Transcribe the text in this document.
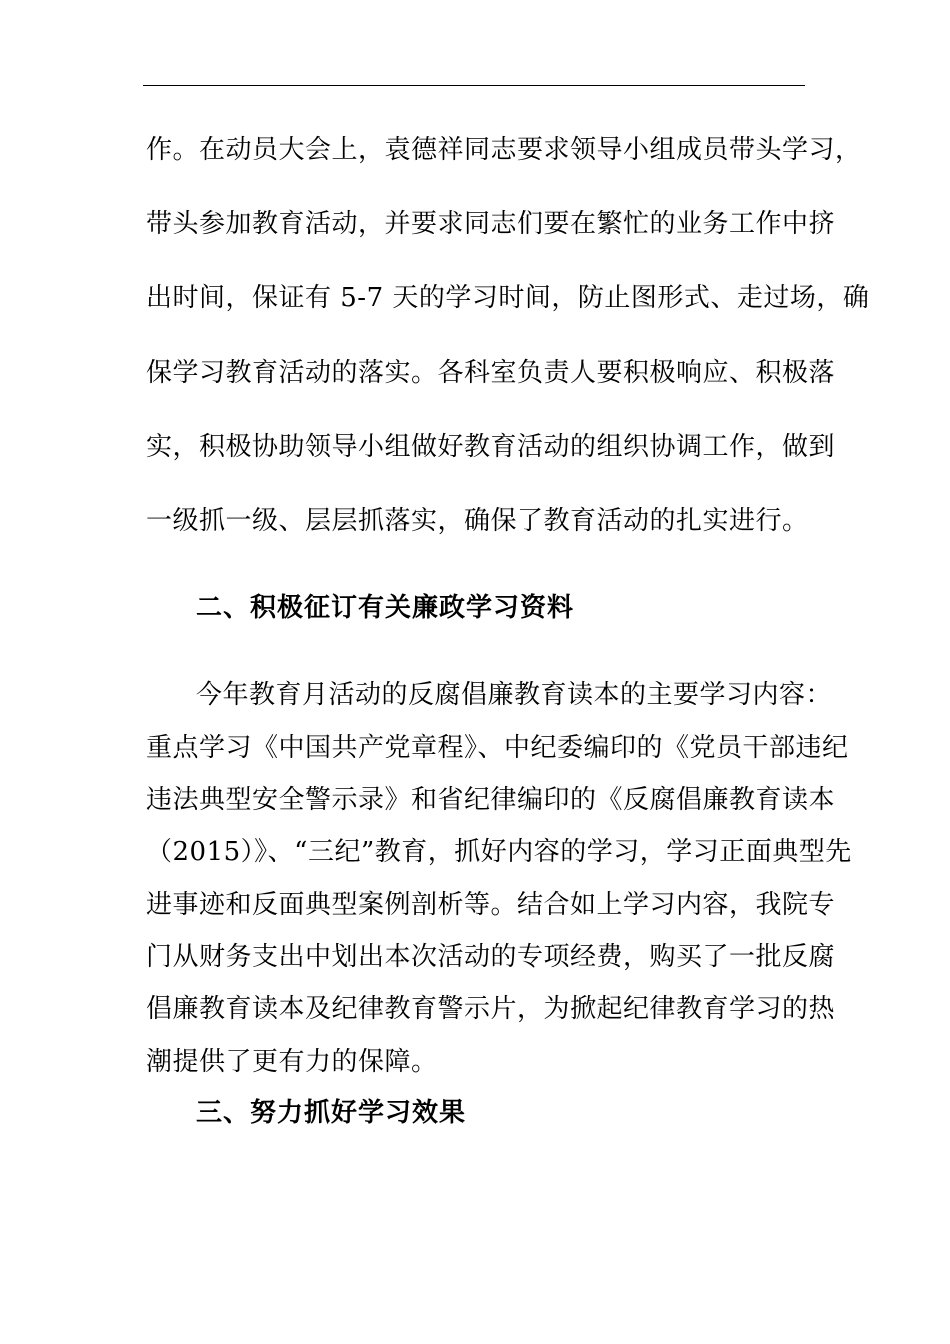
作。在动员大会上，袁德祥同志要求领导小组成员带头学习，
带头参加教育活动，并要求同志们要在繁忙的业务工作中挤
出时间，保证有 5-7 天的学习时间，防止图形式、走过场，确
保学习教育活动的落实。各科室负责人要积极响应、积极落
实，积极协助领导小组做好教育活动的组织协调工作，做到
一级抓一级、层层抓落实，确保了教育活动的扎实进行。
二、积极征订有关廉政学习资料
今年教育月活动的反腐倡廉教育读本的主要学习内容：
重点学习《中国共产党章程》、中纪委编印的《党员干部违纪
违法典型安全警示录》和省纪律编印的《反腐倡廉教育读本
（2015）》、“三纪”教育，抓好内容的学习，学习正面典型先
进事迹和反面典型案例剖析等。结合如上学习内容，我院专
门从财务支出中划出本次活动的专项经费，购买了一批反腐
倡廉教育读本及纪律教育警示片，为掀起纪律教育学习的热
潮提供了更有力的保障。
三、努力抓好学习效果
